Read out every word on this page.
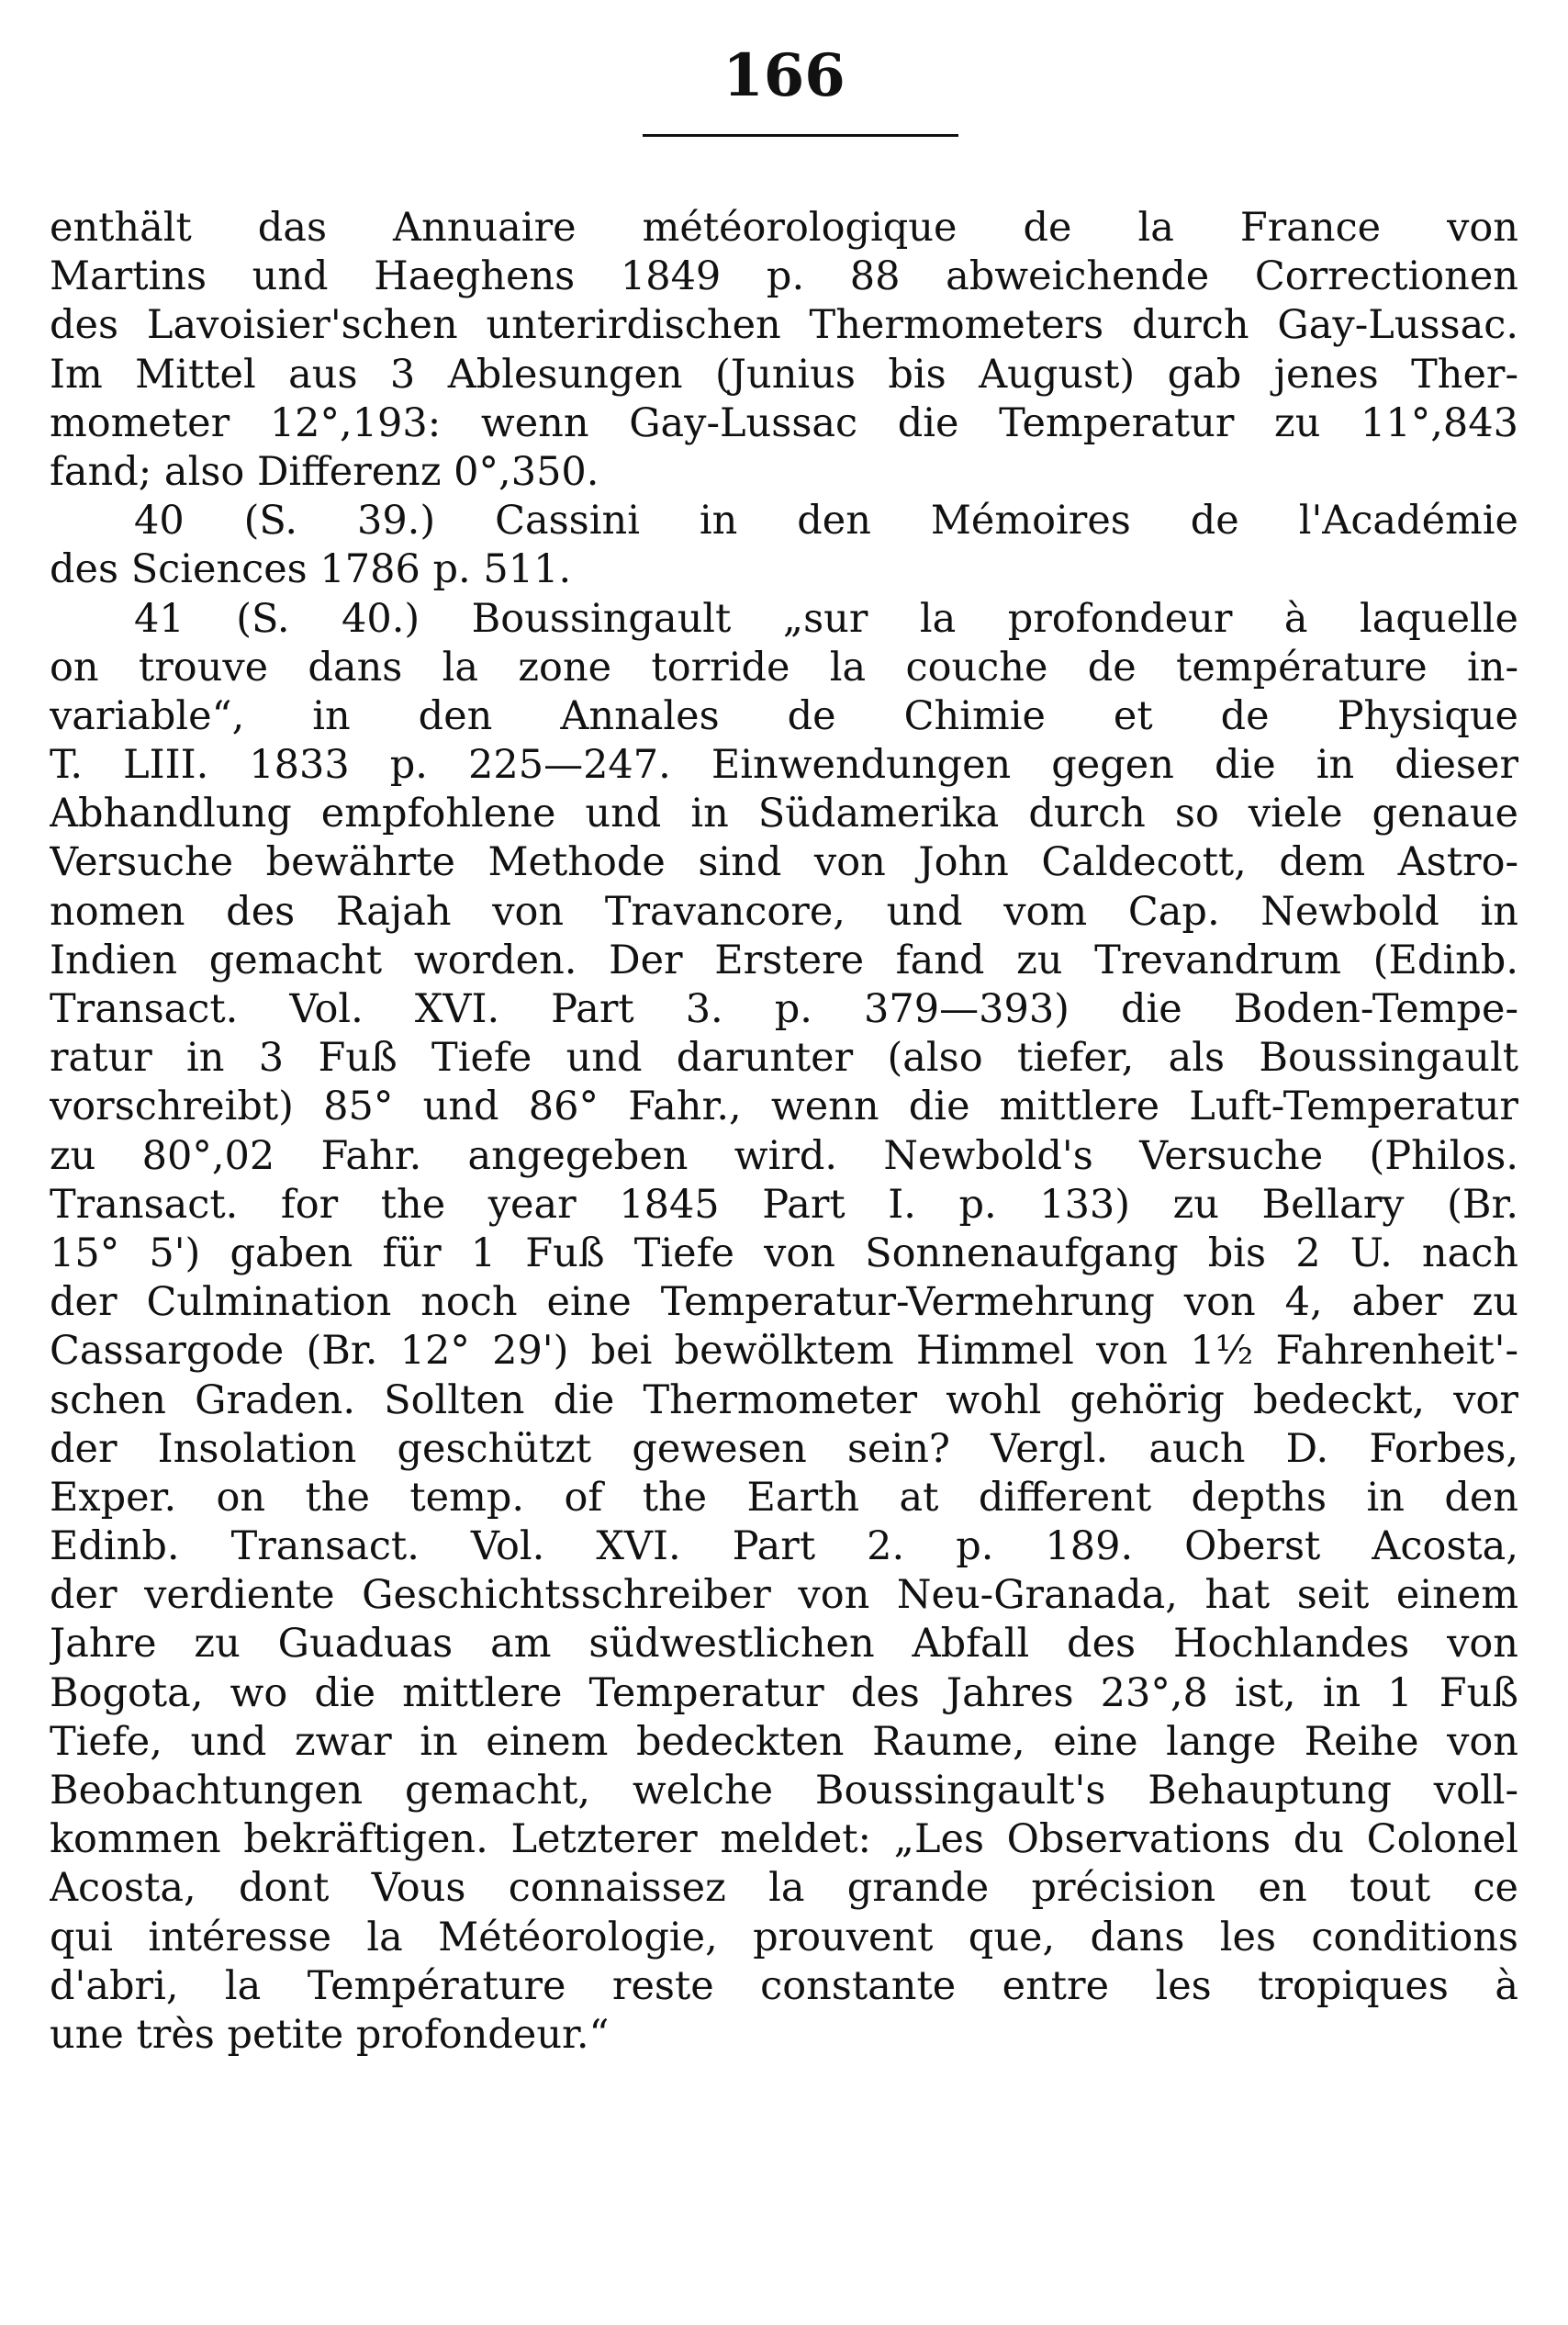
166
enthält das Annuaire météorologique de la France von
Martins und Haeghens 1849 p. 88 abweichende Correctionen
des Lavoisier'schen unterirdischen Thermometers durch Gay-Lussac.
Im Mittel aus 3 Ablesungen (Junius bis August) gab jenes Ther-
mometer 12°,193: wenn Gay-Lussac die Temperatur zu 11°,843
fand; also Differenz 0°,350.
40 (S. 39.) Cassini in den Mémoires de l'Académie
des Sciences 1786 p. 511.
41 (S. 40.) Boussingault „sur la profondeur à laquelle
on trouve dans la zone torride la couche de température in-
variable“, in den Annales de Chimie et de Physique
T. LIII. 1833 p. 225—247. Einwendungen gegen die in dieser
Abhandlung empfohlene und in Südamerika durch so viele genaue
Versuche bewährte Methode sind von John Caldecott, dem Astro-
nomen des Rajah von Travancore, und vom Cap. Newbold in
Indien gemacht worden. Der Erstere fand zu Trevandrum (Edinb.
Transact. Vol. XVI. Part 3. p. 379—393) die Boden-Tempe-
ratur in 3 Fuß Tiefe und darunter (also tiefer, als Boussingault
vorschreibt) 85° und 86° Fahr., wenn die mittlere Luft-Temperatur
zu 80°,02 Fahr. angegeben wird. Newbold's Versuche (Philos.
Transact. for the year 1845 Part I. p. 133) zu Bellary (Br.
15° 5') gaben für 1 Fuß Tiefe von Sonnenaufgang bis 2 U. nach
der Culmination noch eine Temperatur-Vermehrung von 4, aber zu
Cassargode (Br. 12° 29') bei bewölktem Himmel von 1½ Fahrenheit'-
schen Graden. Sollten die Thermometer wohl gehörig bedeckt, vor
der Insolation geschützt gewesen sein? Vergl. auch D. Forbes,
Exper. on the temp. of the Earth at different depths in den
Edinb. Transact. Vol. XVI. Part 2. p. 189. Oberst Acosta,
der verdiente Geschichtsschreiber von Neu-Granada, hat seit einem
Jahre zu Guaduas am südwestlichen Abfall des Hochlandes von
Bogota, wo die mittlere Temperatur des Jahres 23°,8 ist, in 1 Fuß
Tiefe, und zwar in einem bedeckten Raume, eine lange Reihe von
Beobachtungen gemacht, welche Boussingault's Behauptung voll-
kommen bekräftigen. Letzterer meldet: „Les Observations du Colonel
Acosta, dont Vous connaissez la grande précision en tout ce
qui intéresse la Météorologie, prouvent que, dans les conditions
d'abri, la Température reste constante entre les tropiques à
une très petite profondeur.“
